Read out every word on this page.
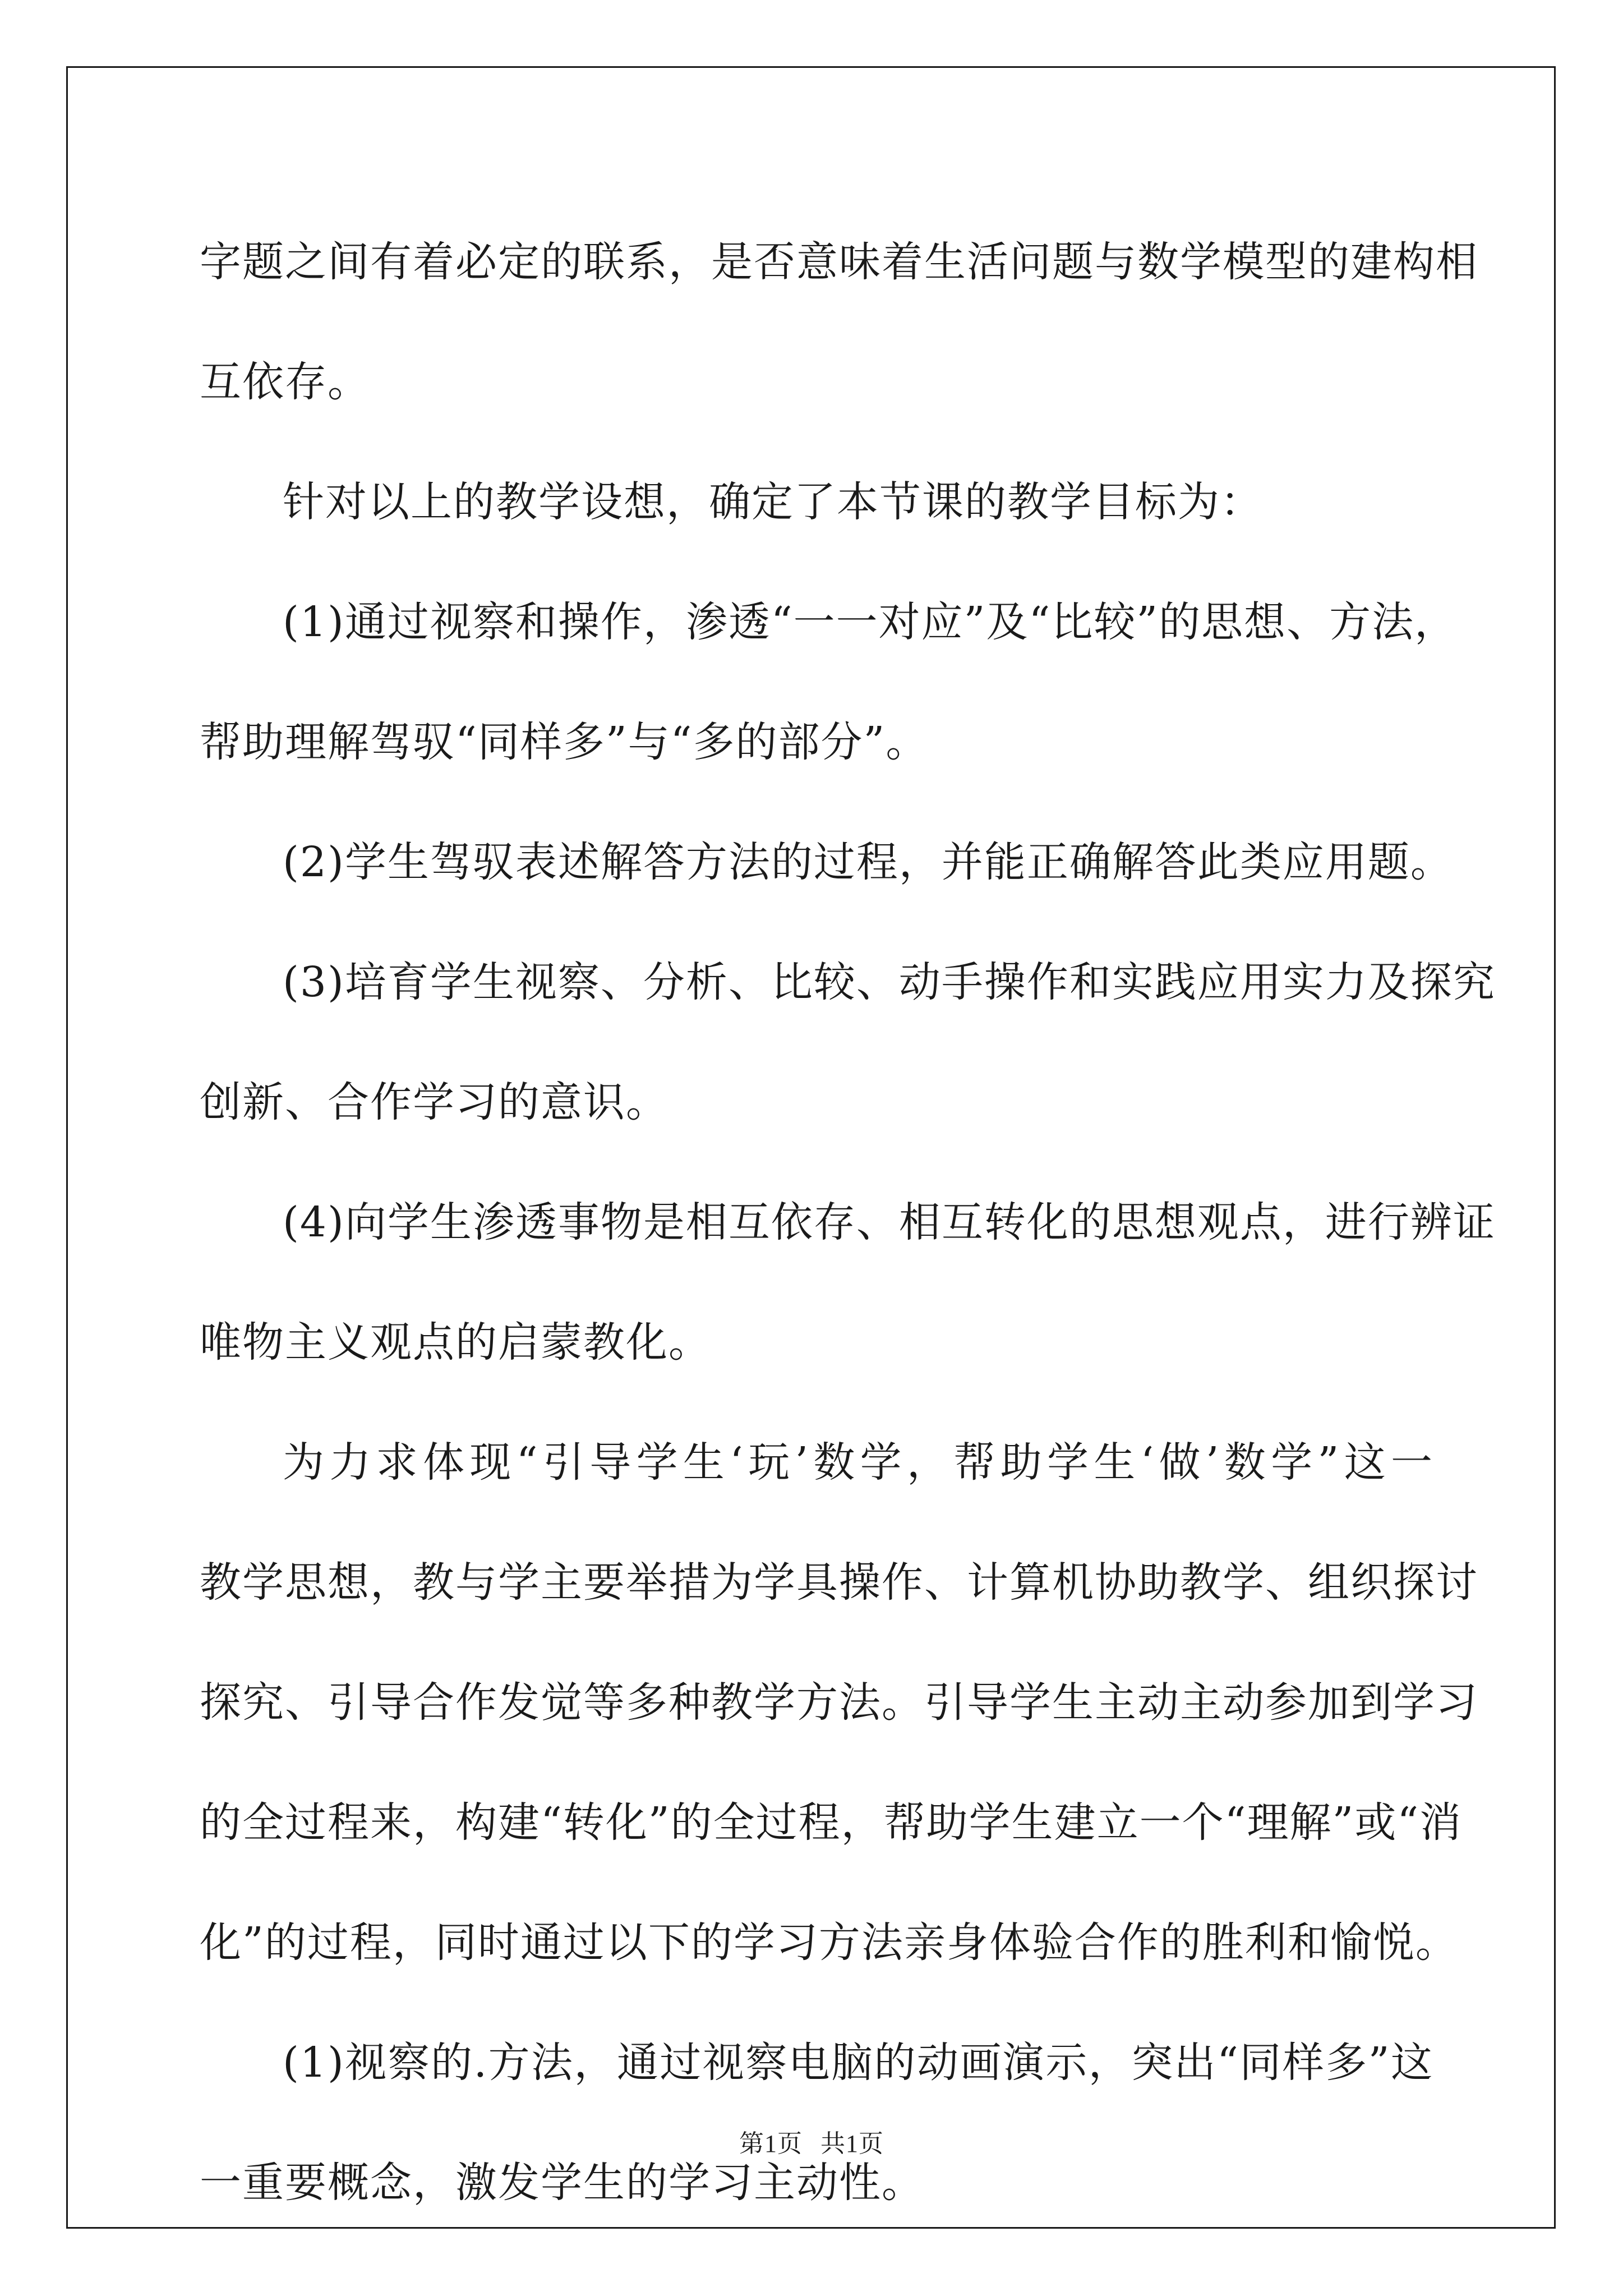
字题之间有着必定的联系，是否意味着生活问题与数学模型的建构相
互依存。
针对以上的教学设想，确定了本节课的教学目标为：
(1)通过视察和操作，渗透“一一对应”及“比较”的思想、方法，
帮助理解驾驭“同样多”与“多的部分”。
(2)学生驾驭表述解答方法的过程，并能正确解答此类应用题。
(3)培育学生视察、分析、比较、动手操作和实践应用实力及探究
创新、合作学习的意识。
(4)向学生渗透事物是相互依存、相互转化的思想观点，进行辨证
唯物主义观点的启蒙教化。
为力求体现“引导学生‘玩’数学，帮助学生‘做’数学”这一
教学思想，教与学主要举措为学具操作、计算机协助教学、组织探讨
探究、引导合作发觉等多种教学方法。引导学生主动主动参加到学习
的全过程来，构建“转化”的全过程，帮助学生建立一个“理解”或“消
化”的过程，同时通过以下的学习方法亲身体验合作的胜利和愉悦。
(1)视察的.方法，通过视察电脑的动画演示，突出“同样多”这
一重要概念，激发学生的学习主动性。
第1页 共1页
